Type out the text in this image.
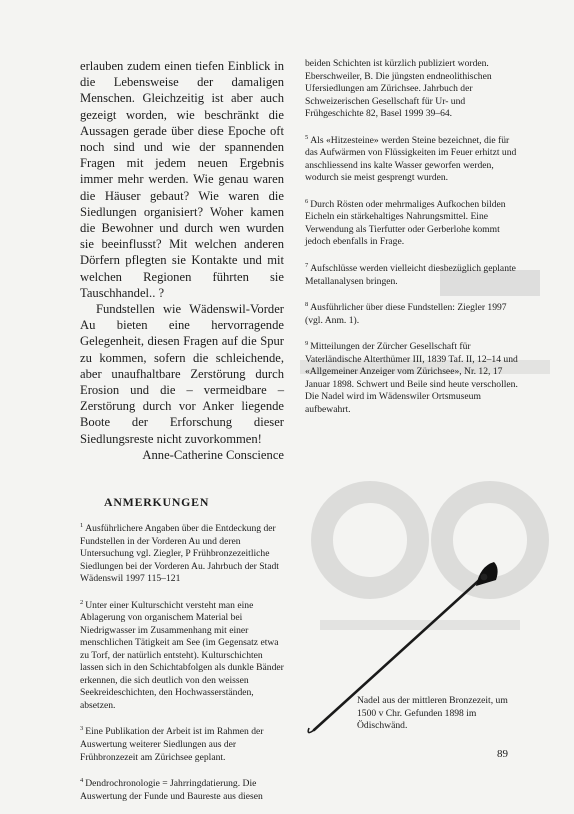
erlauben zudem einen tiefen Einblick in die Lebensweise der damaligen Menschen. Gleichzeitig ist aber auch gezeigt worden, wie beschränkt die Aussagen gerade über diese Epoche oft noch sind und wie der spannenden Fragen mit jedem neuen Ergebnis immer mehr werden. Wie genau waren die Häuser gebaut? Wie waren die Siedlungen organisiert? Woher kamen die Bewohner und durch wen wurden sie beeinflusst? Mit welchen anderen Dörfern pflegten sie Kontakte und mit welchen Regionen führten sie Tauschhandel.. ?

Fundstellen wie Wädenswil-Vorder Au bieten eine hervorragende Gelegenheit, diesen Fragen auf die Spur zu kommen, sofern die schleichende, aber unaufhaltbare Zerstörung durch Erosion und die – vermeidbare – Zerstörung durch vor Anker liegende Boote der Erforschung dieser Siedlungsreste nicht zuvorkommen!

Anne-Catherine Conscience

ANMERKUNGEN

$^1$ Ausführlichere Angaben über die Entdeckung der Fundstellen in der Vorderen Au und deren Untersuchung vgl. Ziegler, P Frühbronzezeitliche Siedlungen bei der Vorderen Au. Jahrbuch der Stadt Wädenswil 1997 115–121

$^2$ Unter einer Kulturschicht versteht man eine Ablagerung von organischem Material bei Niedrigwasser im Zusammenhang mit einer menschlichen Tätigkeit am See (im Gegensatz etwa zu Torf, der natürlich entsteht). Kulturschichten lassen sich in den Schichtabfolgen als dunkle Bänder erkennen, die sich deutlich von den weissen Seekreideschichten, den Hochwasserständen, absetzen.

$^3$ Eine Publikation der Arbeit ist im Rahmen der Auswertung weiterer Siedlungen aus der Frühbronzezeit am Zürichsee geplant.

$^4$ Dendrochronologie = Jahrringdatierung. Die Auswertung der Funde und Baureste aus diesen

beiden Schichten ist kürzlich publiziert worden. Eberschweiler, B. Die jüngsten endneolithischen Ufersiedlungen am Zürichsee. Jahrbuch der Schweizerischen Gesellschaft für Ur- und Frühgeschichte 82, Basel 1999 39–64.

$^5$ Als «Hitzesteine» werden Steine bezeichnet, die für das Aufwärmen von Flüssigkeiten im Feuer erhitzt und anschliessend ins kalte Wasser geworfen werden, wodurch sie meist gesprengt wurden.

$^6$ Durch Rösten oder mehrmaliges Aufkochen bilden Eicheln ein stärkehaltiges Nahrungsmittel. Eine Verwendung als Tierfutter oder Gerberlohe kommt jedoch ebenfalls in Frage.

$^7$ Aufschlüsse werden vielleicht diesbezüglich geplante Metallanalysen bringen.

$^8$ Ausführlicher über diese Fundstellen: Ziegler 1997 (vgl. Anm. 1).

$^9$ Mitteilungen der Zürcher Gesellschaft für Vaterländische Alterthümer III, 1839 Taf. II, 12–14 und «Allgemeiner Anzeiger vom Zürichsee», Nr. 12, 17 Januar 1898. Schwert und Beile sind heute verschollen. Die Nadel wird im Wädenswiler Ortsmuseum aufbewahrt.

Nadel aus der mittleren Bronzezeit, um 1500 v Chr. Gefunden 1898 im Ödischwänd.
89
